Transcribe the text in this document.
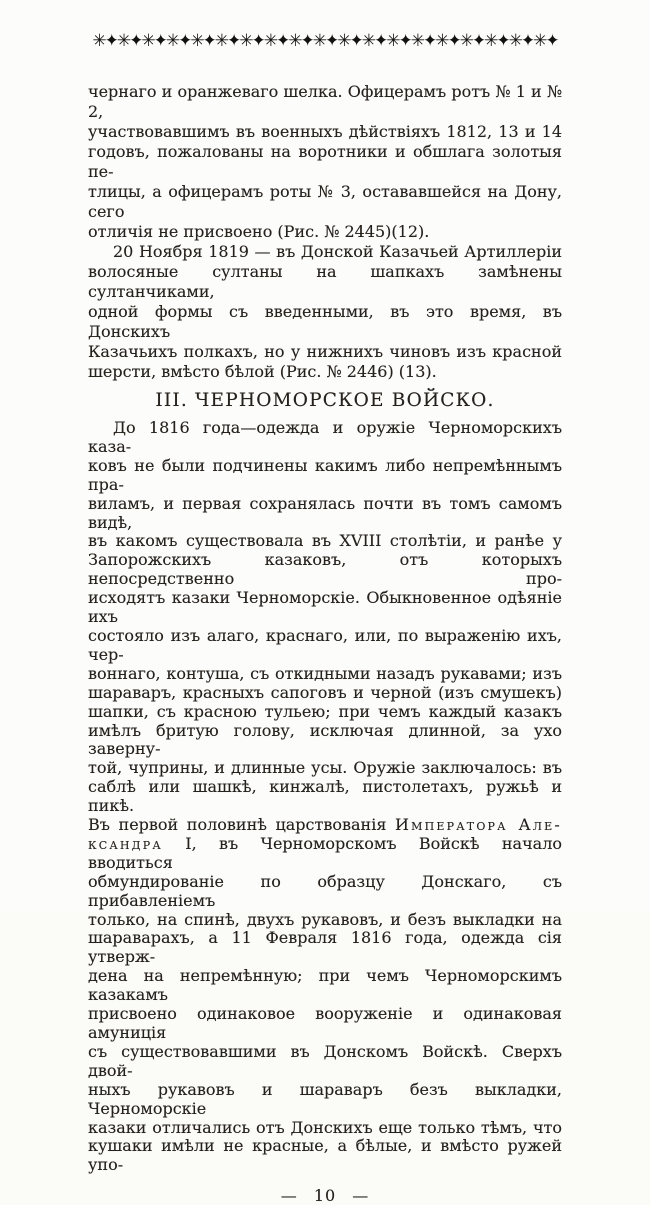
✳✦✳✦✳✦✳✦✳✦✳✦✳✦✳✦✳✦✳✦✳✦✳✦✳✦✳✦✳✦✳✦✳✦✳✦✳✦
чернаго и оранжеваго шелка. Офицерамъ ротъ № 1 и № 2,
участвовавшимъ въ военныхъ дѣйствіяхъ 1812, 13 и 14
годовъ, пожалованы на воротники и обшлага золотыя пе-
тлицы, а офицерамъ роты № 3, остававшейся на Дону, сего
отличія не присвоено (Рис. № 2445)(12).
20 Ноября 1819 — въ Донской Казачьей Артиллеріи
волосяные султаны на шапкахъ замѣнены султанчиками,
одной формы съ введенными, въ это время, въ Донскихъ
Казачьихъ полкахъ, но у нижнихъ чиновъ изъ красной
шерсти, вмѣсто бѣлой (Рис. № 2446) (13).
III. ЧЕРНОМОРСКОЕ ВОЙСКО.
До 1816 года—одежда и оружіе Черноморскихъ каза-
ковъ не были подчинены какимъ либо непремѣннымъ пра-
виламъ, и первая сохранялась почти въ томъ самомъ видѣ,
въ какомъ существовала въ XVIII столѣтіи, и ранѣе у
Запорожскихъ казаковъ, отъ которыхъ непосредственно про-
исходятъ казаки Черноморскіе. Обыкновенное одѣяніе ихъ
состояло изъ алаго, краснаго, или, по выраженію ихъ, чер-
воннаго, контуша, съ откидными назадъ рукавами; изъ
шараваръ, красныхъ сапоговъ и черной (изъ смушекъ)
шапки, съ красною тульею; при чемъ каждый казакъ
имѣлъ бритую голову, исключая длинной, за ухо заверну-
той, чуприны, и длинные усы. Оружіе заключалось: въ
саблѣ или шашкѣ, кинжалѣ, пистолетахъ, ружьѣ и пикѣ.
Въ первой половинѣ царствованія Императора Але-
ксандра I, въ Черноморскомъ Войскѣ начало вводиться
обмундированіе по образцу Донскаго, съ прибавленіемъ
только, на спинѣ, двухъ рукавовъ, и безъ выкладки на
шараварахъ, а 11 Февраля 1816 года, одежда сія утверж-
дена на непремѣнную; при чемъ Черноморскимъ казакамъ
присвоено одинаковое вооруженіе и одинаковая амуниція
съ существовавшими въ Донскомъ Войскѣ. Сверхъ двой-
ныхъ рукавовъ и шараваръ безъ выкладки, Черноморскіе
казаки отличались отъ Донскихъ еще только тѣмъ, что
кушаки имѣли не красные, а бѣлые, и вмѣсто ружей упо-
— 10 —
